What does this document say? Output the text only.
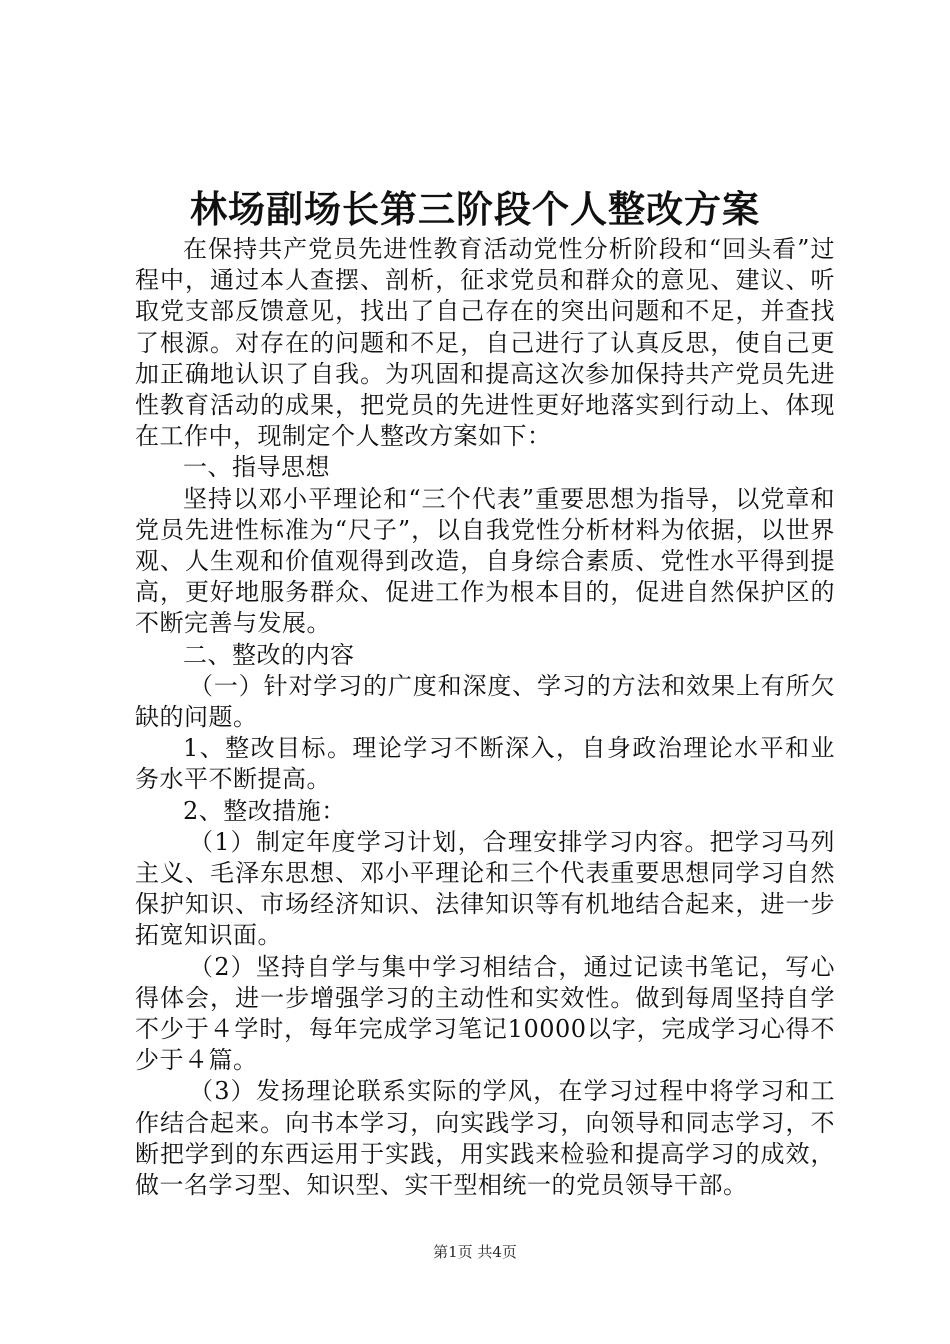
林场副场长第三阶段个人整改方案

在保持共产党员先进性教育活动党性分析阶段和“回头看”过程中，通过本人查摆、剖析，征求党员和群众的意见、建议、听取党支部反馈意见，找出了自己存在的突出问题和不足，并查找了根源。对存在的问题和不足，自己进行了认真反思，使自己更加正确地认识了自我。为巩固和提高这次参加保持共产党员先进性教育活动的成果，把党员的先进性更好地落实到行动上、体现在工作中，现制定个人整改方案如下：

一、指导思想

坚持以邓小平理论和“三个代表”重要思想为指导，以党章和党员先进性标准为“尺子”，以自我党性分析材料为依据，以世界观、人生观和价值观得到改造，自身综合素质、党性水平得到提高，更好地服务群众、促进工作为根本目的，促进自然保护区的不断完善与发展。

二、整改的内容

（一）针对学习的广度和深度、学习的方法和效果上有所欠缺的问题。

1、整改目标。理论学习不断深入，自身政治理论水平和业务水平不断提高。

2、整改措施：

（1）制定年度学习计划，合理安排学习内容。把学习马列主义、毛泽东思想、邓小平理论和三个代表重要思想同学习自然保护知识、市场经济知识、法律知识等有机地结合起来，进一步拓宽知识面。

（2）坚持自学与集中学习相结合，通过记读书笔记，写心得体会，进一步增强学习的主动性和实效性。做到每周坚持自学不少于４学时，每年完成学习笔记10000以字，完成学习心得不少于４篇。

（3）发扬理论联系实际的学风，在学习过程中将学习和工作结合起来。向书本学习，向实践学习，向领导和同志学习，不断把学到的东西运用于实践，用实践来检验和提高学习的成效，做一名学习型、知识型、实干型相统一的党员领导干部。

第1页 共4页
